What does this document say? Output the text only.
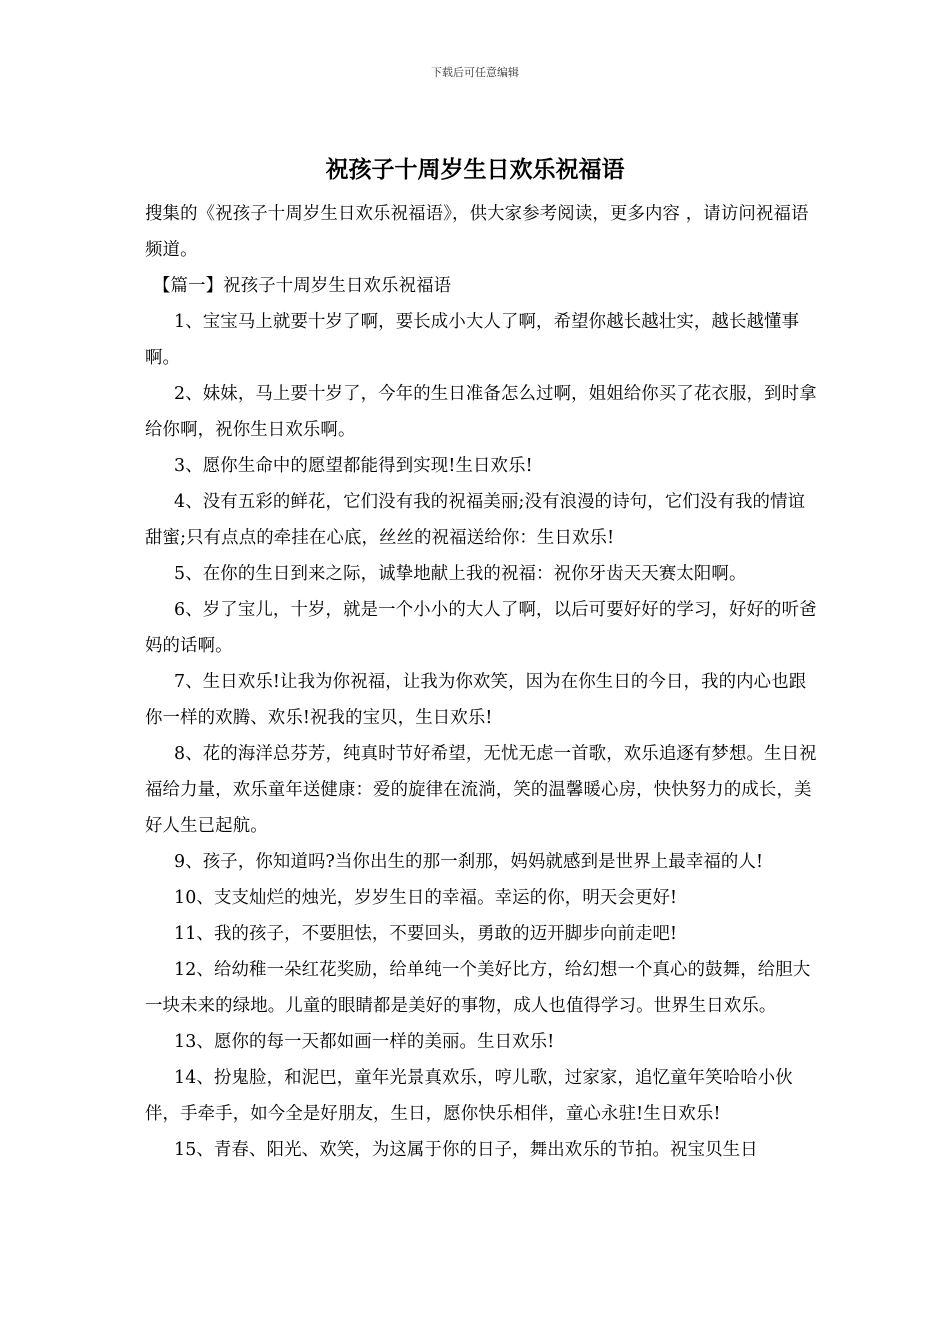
下载后可任意编辑
祝孩子十周岁生日欢乐祝福语

搜集的《祝孩子十周岁生日欢乐祝福语》，供大家参考阅读，更多内容 ，请访问祝福语频道。

【篇一】祝孩子十周岁生日欢乐祝福语

1、宝宝马上就要十岁了啊，要长成小大人了啊，希望你越长越壮实，越长越懂事啊。

2、妹妹，马上要十岁了，今年的生日准备怎么过啊，姐姐给你买了花衣服，到时拿给你啊，祝你生日欢乐啊。

3、愿你生命中的愿望都能得到实现!生日欢乐!

4、没有五彩的鲜花，它们没有我的祝福美丽;没有浪漫的诗句，它们没有我的情谊甜蜜;只有点点的牵挂在心底，丝丝的祝福送给你：生日欢乐!

5、在你的生日到来之际，诚挚地献上我的祝福：祝你牙齿天天赛太阳啊。

6、岁了宝儿，十岁，就是一个小小的大人了啊，以后可要好好的学习，好好的听爸妈的话啊。

7、生日欢乐!让我为你祝福，让我为你欢笑，因为在你生日的今日，我的内心也跟你一样的欢腾、欢乐!祝我的宝贝，生日欢乐!

8、花的海洋总芬芳，纯真时节好希望，无忧无虑一首歌，欢乐追逐有梦想。生日祝福给力量，欢乐童年送健康：爱的旋律在流淌，笑的温馨暖心房，快快努力的成长，美好人生已起航。

9、孩子，你知道吗?当你出生的那一刹那，妈妈就感到是世界上最幸福的人!

10、支支灿烂的烛光，岁岁生日的幸福。幸运的你，明天会更好!

11、我的孩子，不要胆怯，不要回头，勇敢的迈开脚步向前走吧!

12、给幼稚一朵红花奖励，给单纯一个美好比方，给幻想一个真心的鼓舞，给胆大一块未来的绿地。儿童的眼睛都是美好的事物，成人也值得学习。世界生日欢乐。

13、愿你的每一天都如画一样的美丽。生日欢乐!

14、扮鬼脸，和泥巴，童年光景真欢乐，哼儿歌，过家家，追忆童年笑哈哈小伙伴，手牵手，如今全是好朋友，生日，愿你快乐相伴，童心永驻!生日欢乐!

15、青春、阳光、欢笑，为这属于你的日子，舞出欢乐的节拍。祝宝贝生日
